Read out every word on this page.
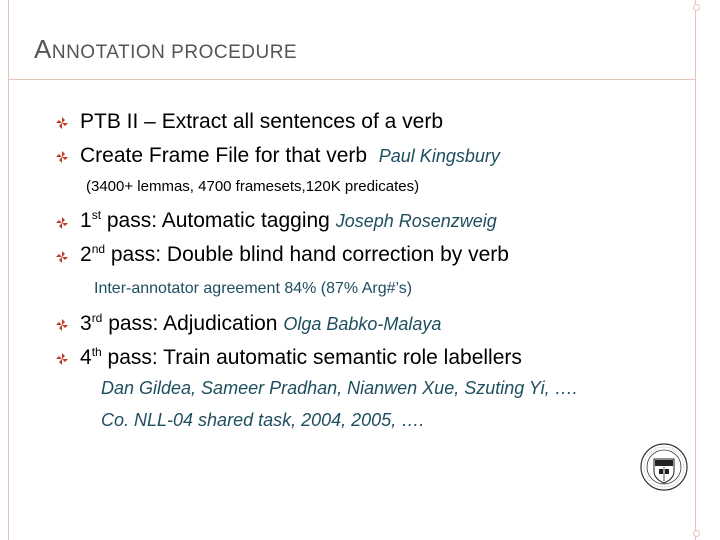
ANNOTATION PROCEDURE
PTB II – Extract all sentences of a verb
Create Frame File for that verb Paul Kingsbury
(3400+ lemmas, 4700 framesets,120K predicates)
1st pass: Automatic tagging Joseph Rosenzweig
2nd pass: Double blind hand correction by verb
Inter-annotator agreement 84% (87% Arg#’s)
3rd pass: Adjudication Olga Babko-Malaya
4th pass: Train automatic semantic role labellers
Dan Gildea, Sameer Pradhan, Nianwen Xue, Szuting Yi, ….
Co. NLL-04 shared task, 2004, 2005, ….
